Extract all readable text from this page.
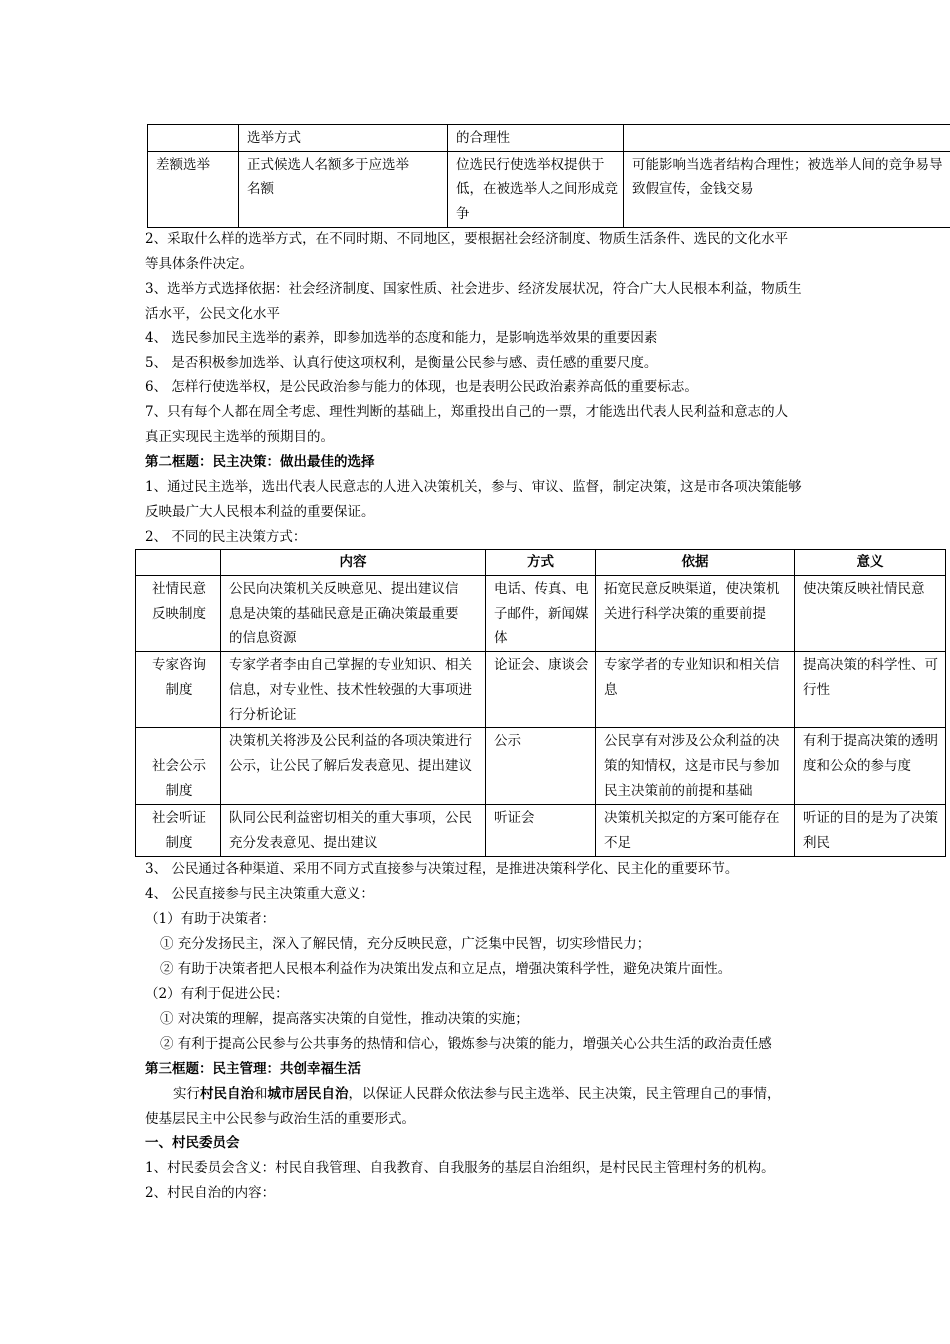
	选举方式	的合理性	
差额选举	正式候选人名额多于应选举名额	位选民行使选举权提供于低，在被选举人之间形成竞争	可能影响当选者结构合理性；被选举人间的竞争易导致假宣传，金钱交易
2、采取什么样的选举方式，在不同时期、不同地区，要根据社会经济制度、物质生活条件、选民的文化水平
等具体条件决定。
3、选举方式选择依据：社会经济制度、国家性质、社会进步、经济发展状况，符合广大人民根本利益，物质生
活水平，公民文化水平
4、 选民参加民主选举的素养，即参加选举的态度和能力，是影响选举效果的重要因素
5、 是否积极参加选举、认真行使这项权利，是衡量公民参与感、责任感的重要尺度。
6、 怎样行使选举权，是公民政治参与能力的体现，也是表明公民政治素养高低的重要标志。
7、只有每个人都在周全考虑、理性判断的基础上，郑重投出自己的一票，才能选出代表人民利益和意志的人
真正实现民主选举的预期目的。
第二框题：民主决策：做出最佳的选择
1、通过民主选举，选出代表人民意志的人进入决策机关，参与、审议、监督，制定决策，这是市各项决策能够
反映最广大人民根本利益的重要保证。
2、 不同的民主决策方式：
	内容	方式	依据	意义

社情民意反映制度	公民向决策机关反映意见、提出建议信息是决策的基础民意是正确决策最重要的信息资源	电话、传真、电子邮件，新闻媒体	拓宽民意反映渠道，使决策机关进行科学决策的重要前提	使决策反映社情民意

专家咨询制度	专家学者李由自己掌握的专业知识、相关信息，对专业性、技术性较强的大事项进行分析论证	论证会、康谈会	专家学者的专业知识和相关信息	提高决策的科学性、可行性

社会公示制度	决策机关将涉及公民利益的各项决策进行公示，让公民了解后发表意见、提出建议	公示	公民享有对涉及公众利益的决策的知情权，这是市民与参加民主决策前的前提和基础	有利于提高决策的透明度和公众的参与度

社会听证制度	队同公民利益密切相关的重大事项，公民充分发表意见、提出建议	听证会	决策机关拟定的方案可能存在不足	听证的目的是为了决策利民
3、 公民通过各种渠道、采用不同方式直接参与决策过程，是推进决策科学化、民主化的重要环节。
4、 公民直接参与民主决策重大意义：
（1）有助于决策者：
① 充分发扬民主，深入了解民情，充分反映民意，广泛集中民智，切实珍惜民力；
② 有助于决策者把人民根本利益作为决策出发点和立足点，增强决策科学性，避免决策片面性。
（2）有利于促进公民：
① 对决策的理解，提高落实决策的自觉性，推动决策的实施；
② 有利于提高公民参与公共事务的热情和信心，锻炼参与决策的能力，增强关心公共生活的政治责任感
第三框题：民主管理：共创幸福生活
实行村民自治和城市居民自治，以保证人民群众依法参与民主选举、民主决策，民主管理自己的事情，
使基层民主中公民参与政治生活的重要形式。
一、村民委员会
1、村民委员会含义：村民自我管理、自我教育、自我服务的基层自治组织，是村民民主管理村务的机构。
2、村民自治的内容：
